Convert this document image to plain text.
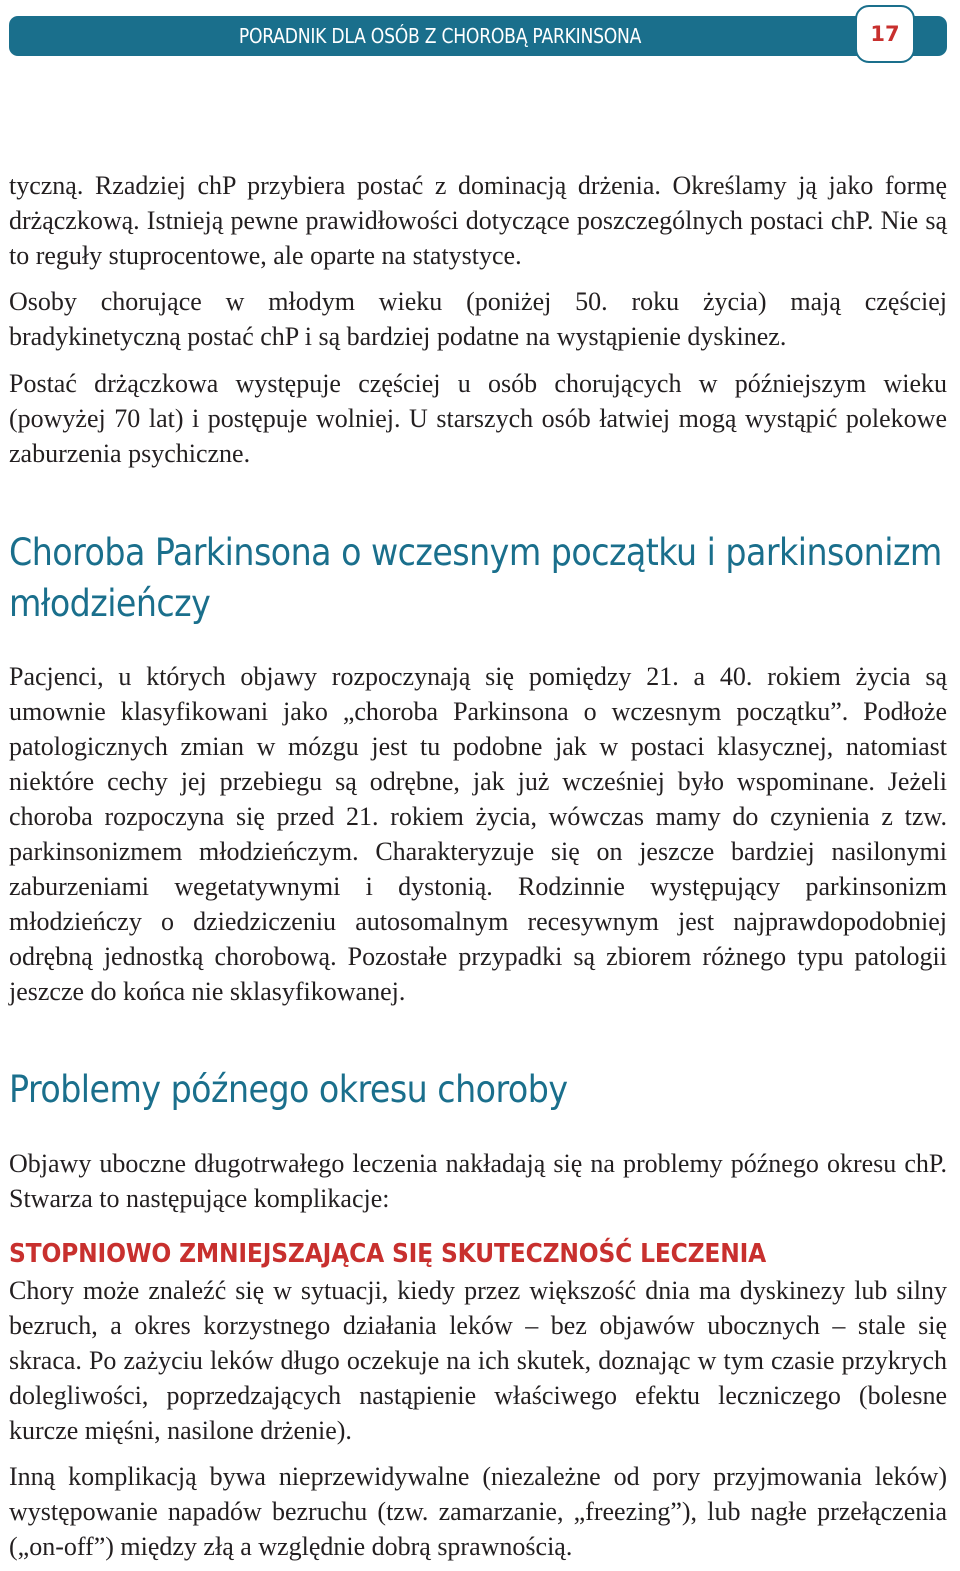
PORADNIK DLA OSÓB Z CHOROBĄ PARKINSONA	17

tyczną. Rzadziej chP przybiera postać z dominacją drżenia. Określamy ją jako formę drżączkową. Istnieją pewne prawidłowości dotyczące poszczególnych postaci chP. Nie są to reguły stuprocentowe, ale oparte na statystyce.

Osoby chorujące w młodym wieku (poniżej 50. roku życia) mają częściej bradykinetyczną postać chP i są bardziej podatne na wystąpienie dyskinez.

Postać drżączkowa występuje częściej u osób chorujących w późniejszym wieku (powyżej 70 lat) i postępuje wolniej. U starszych osób łatwiej mogą wystąpić polekowe zaburzenia psychiczne.

Choroba Parkinsona o wczesnym początku i parkinsonizm młodzieńczy

Pacjenci, u których objawy rozpoczynają się pomiędzy 21. a 40. rokiem życia są umownie klasyfikowani jako „choroba Parkinsona o wczesnym początku”. Podłoże patologicznych zmian w mózgu jest tu podobne jak w postaci klasycznej, natomiast niektóre cechy jej przebiegu są odrębne, jak już wcześniej było wspominane. Jeżeli choroba rozpoczyna się przed 21. rokiem życia, wówczas mamy do czynienia z tzw. parkinsonizmem młodzieńczym. Charakteryzuje się on jeszcze bardziej nasilonymi zaburzeniami wegetatywnymi i dystonią. Rodzinnie występujący parkinsonizm młodzieńczy o dziedziczeniu autosomalnym recesywnym jest najprawdopodobniej odrębną jednostką chorobową. Pozostałe przypadki są zbiorem różnego typu patologii jeszcze do końca nie sklasyfikowanej.

Problemy późnego okresu choroby

Objawy uboczne długotrwałego leczenia nakładają się na problemy późnego okresu chP. Stwarza to następujące komplikacje:

STOPNIOWO ZMNIEJSZAJĄCA SIĘ SKUTECZNOŚĆ LECZENIA

Chory może znaleźć się w sytuacji, kiedy przez większość dnia ma dyskinezy lub silny bezruch, a okres korzystnego działania leków – bez objawów ubocznych – stale się skraca. Po zażyciu leków długo oczekuje na ich skutek, doznając w tym czasie przykrych dolegliwości, poprzedzających nastąpienie właściwego efektu leczniczego (bolesne kurcze mięśni, nasilone drżenie).

Inną komplikacją bywa nieprzewidywalne (niezależne od pory przyjmowania leków) występowanie napadów bezruchu (tzw. zamarzanie, „freezing”), lub nagłe przełączenia („on-off”) między złą a względnie dobrą sprawnością.
